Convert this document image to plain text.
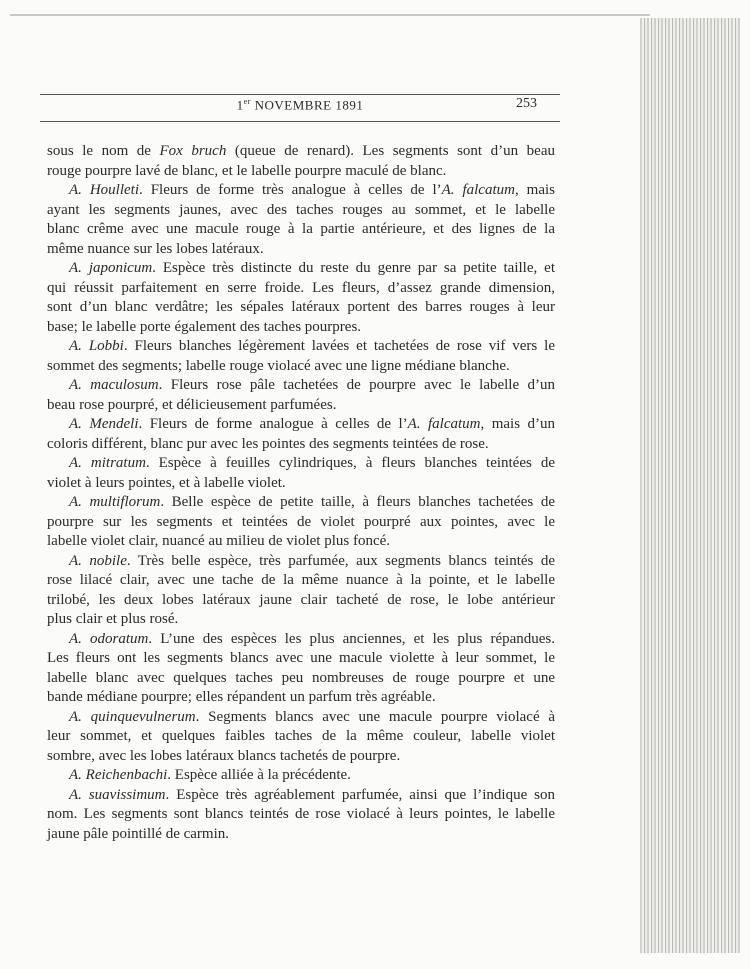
1er NOVEMBRE 1891	253
sous le nom de Fox bruch (queue de renard). Les segments sont d’un beau
rouge pourpre lavé de blanc, et le labelle pourpre maculé de blanc.
A. Houlleti. Fleurs de forme très analogue à celles de l’A. falcatum, mais
ayant les segments jaunes, avec des taches rouges au sommet, et le labelle
blanc crême avec une macule rouge à la partie antérieure, et des lignes de la
même nuance sur les lobes latéraux.
A. japonicum. Espèce très distincte du reste du genre par sa petite taille, et
qui réussit parfaitement en serre froide. Les fleurs, d’assez grande dimension,
sont d’un blanc verdâtre; les sépales latéraux portent des barres rouges à leur
base; le labelle porte également des taches pourpres.
A. Lobbi. Fleurs blanches légèrement lavées et tachetées de rose vif vers le
sommet des segments; labelle rouge violacé avec une ligne médiane blanche.
A. maculosum. Fleurs rose pâle tachetées de pourpre avec le labelle d’un
beau rose pourpré, et délicieusement parfumées.
A. Mendeli. Fleurs de forme analogue à celles de l’A. falcatum, mais d’un
coloris différent, blanc pur avec les pointes des segments teintées de rose.
A. mitratum. Espèce à feuilles cylindriques, à fleurs blanches teintées de
violet à leurs pointes, et à labelle violet.
A. multiflorum. Belle espèce de petite taille, à fleurs blanches tachetées de
pourpre sur les segments et teintées de violet pourpré aux pointes, avec le
labelle violet clair, nuancé au milieu de violet plus foncé.
A. nobile. Très belle espèce, très parfumée, aux segments blancs teintés de
rose lilacé clair, avec une tache de la même nuance à la pointe, et le labelle
trilobé, les deux lobes latéraux jaune clair tacheté de rose, le lobe antérieur
plus clair et plus rosé.
A. odoratum. L’une des espèces les plus anciennes, et les plus répandues.
Les fleurs ont les segments blancs avec une macule violette à leur sommet, le
labelle blanc avec quelques taches peu nombreuses de rouge pourpre et une
bande médiane pourpre; elles répandent un parfum très agréable.
A. quinquevulnerum. Segments blancs avec une macule pourpre violacé à
leur sommet, et quelques faibles taches de la même couleur, labelle violet
sombre, avec les lobes latéraux blancs tachetés de pourpre.
A. Reichenbachi. Espèce alliée à la précédente.
A. suavissimum. Espèce très agréablement parfumée, ainsi que l’indique son
nom. Les segments sont blancs teintés de rose violacé à leurs pointes, le labelle
jaune pâle pointillé de carmin.
